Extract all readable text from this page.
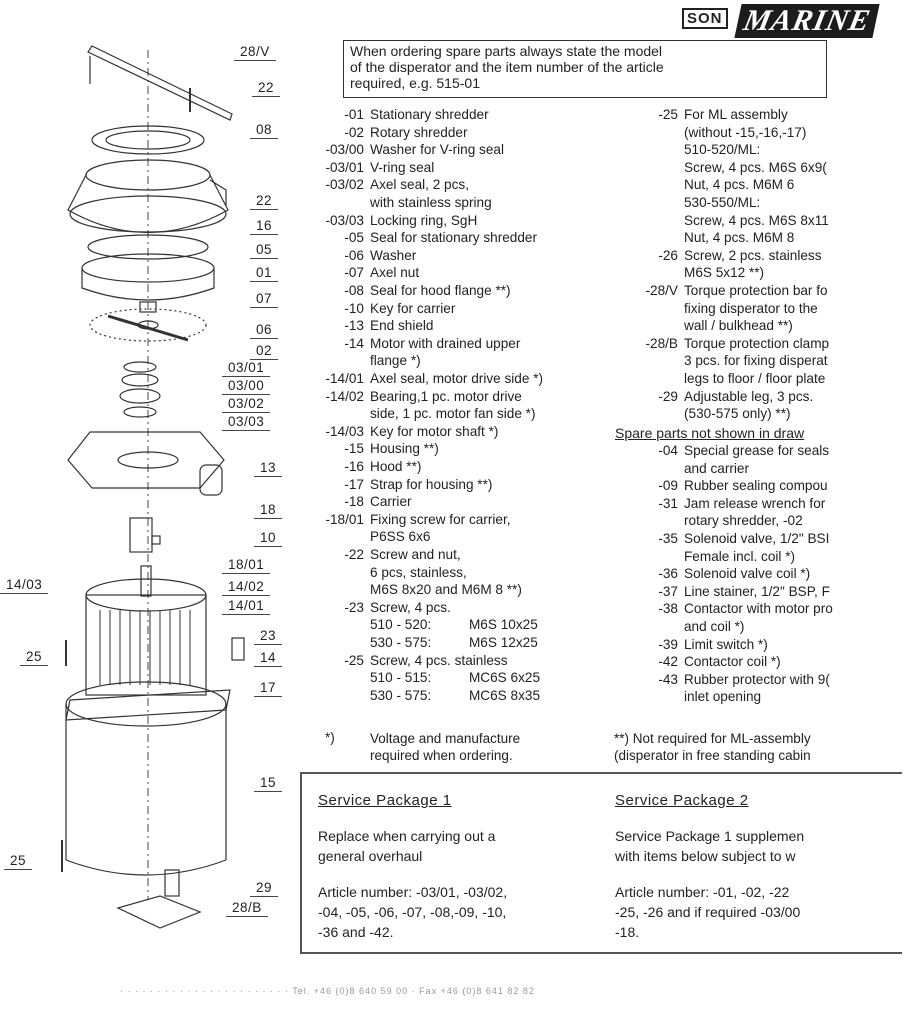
SON MARINE
When ordering spare parts always state the model
of the disperator and the item number of the article
required, e.g. 515-01
28/V
22
08
22
16
05
01
07
06
02
03/01
03/00
03/02
03/03
13
18
10
18/01
14/03	14/02
14/01
23
25	14
17
15
25
29
28/B
-01 Stationary shredder
-02 Rotary shredder
-03/00 Washer for V-ring seal
-03/01 V-ring seal
-03/02 Axel seal, 2 pcs,
with stainless spring
-03/03 Locking ring, SgH
-05 Seal for stationary shredder
-06 Washer
-07 Axel nut
-08 Seal for hood flange **)
-10 Key for carrier
-13 End shield
-14 Motor with drained upper
flange *)
-14/01 Axel seal, motor drive side *)
-14/02 Bearing,1 pc. motor drive
side, 1 pc. motor fan side *)
-14/03 Key for motor shaft *)
-15 Housing **)
-16 Hood **)
-17 Strap for housing **)
-18 Carrier
-18/01 Fixing screw for carrier,
P6SS 6x6
-22 Screw and nut,
6 pcs, stainless,
M6S 8x20 and M6M 8 **)
-23 Screw, 4 pcs.
510 - 520:          M6S 10x25
530 - 575:          M6S 12x25
-25 Screw, 4 pcs. stainless
510 - 515:          MC6S 6x25
530 - 575:          MC6S 8x35
-25 For ML assembly
(without -15,-16,-17)
510-520/ML:
Screw, 4 pcs. M6S 6x9(
Nut, 4 pcs. M6M 6
530-550/ML:
Screw, 4 pcs. M6S 8x11
Nut, 4 pcs. M6M 8
-26 Screw, 2 pcs. stainless
M6S 5x12 **)
-28/V Torque protection bar fo
fixing disperator to the
wall / bulkhead **)
-28/B Torque protection clamp
3 pcs. for fixing disperat
legs to floor / floor plate
-29 Adjustable leg, 3 pcs.
(530-575 only) **)
Spare parts not shown in draw
-04 Special grease for seals
and carrier
-09 Rubber sealing compou
-31 Jam release wrench for
rotary shredder, -02
-35 Solenoid valve, 1/2" BSI
Female incl. coil *)
-36 Solenoid valve coil *)
-37 Line stainer, 1/2" BSP, F
-38 Contactor with motor pro
and coil *)
-39 Limit switch *)
-42 Contactor coil *)
-43 Rubber protector with 9(
inlet opening
*)	Voltage and manufacture
required when ordering.
**) Not required for ML-assembly
(disperator in free standing cabin
Service Package 1
Replace when carrying out a
general overhaul
Article number: -03/01, -03/02,
-04, -05, -06, -07, -08,-09, -10,
-36 and -42.
Service Package 2
Service Package 1 supplemen
with items below subject to w
Article number: -01, -02, -22
-25, -26 and if required -03/00
-18.
· · · · · · · · · · · · · · · · · · · · · · · Tel. +46 (0)8 640 59 00 · Fax +46 (0)8 641 82 82
